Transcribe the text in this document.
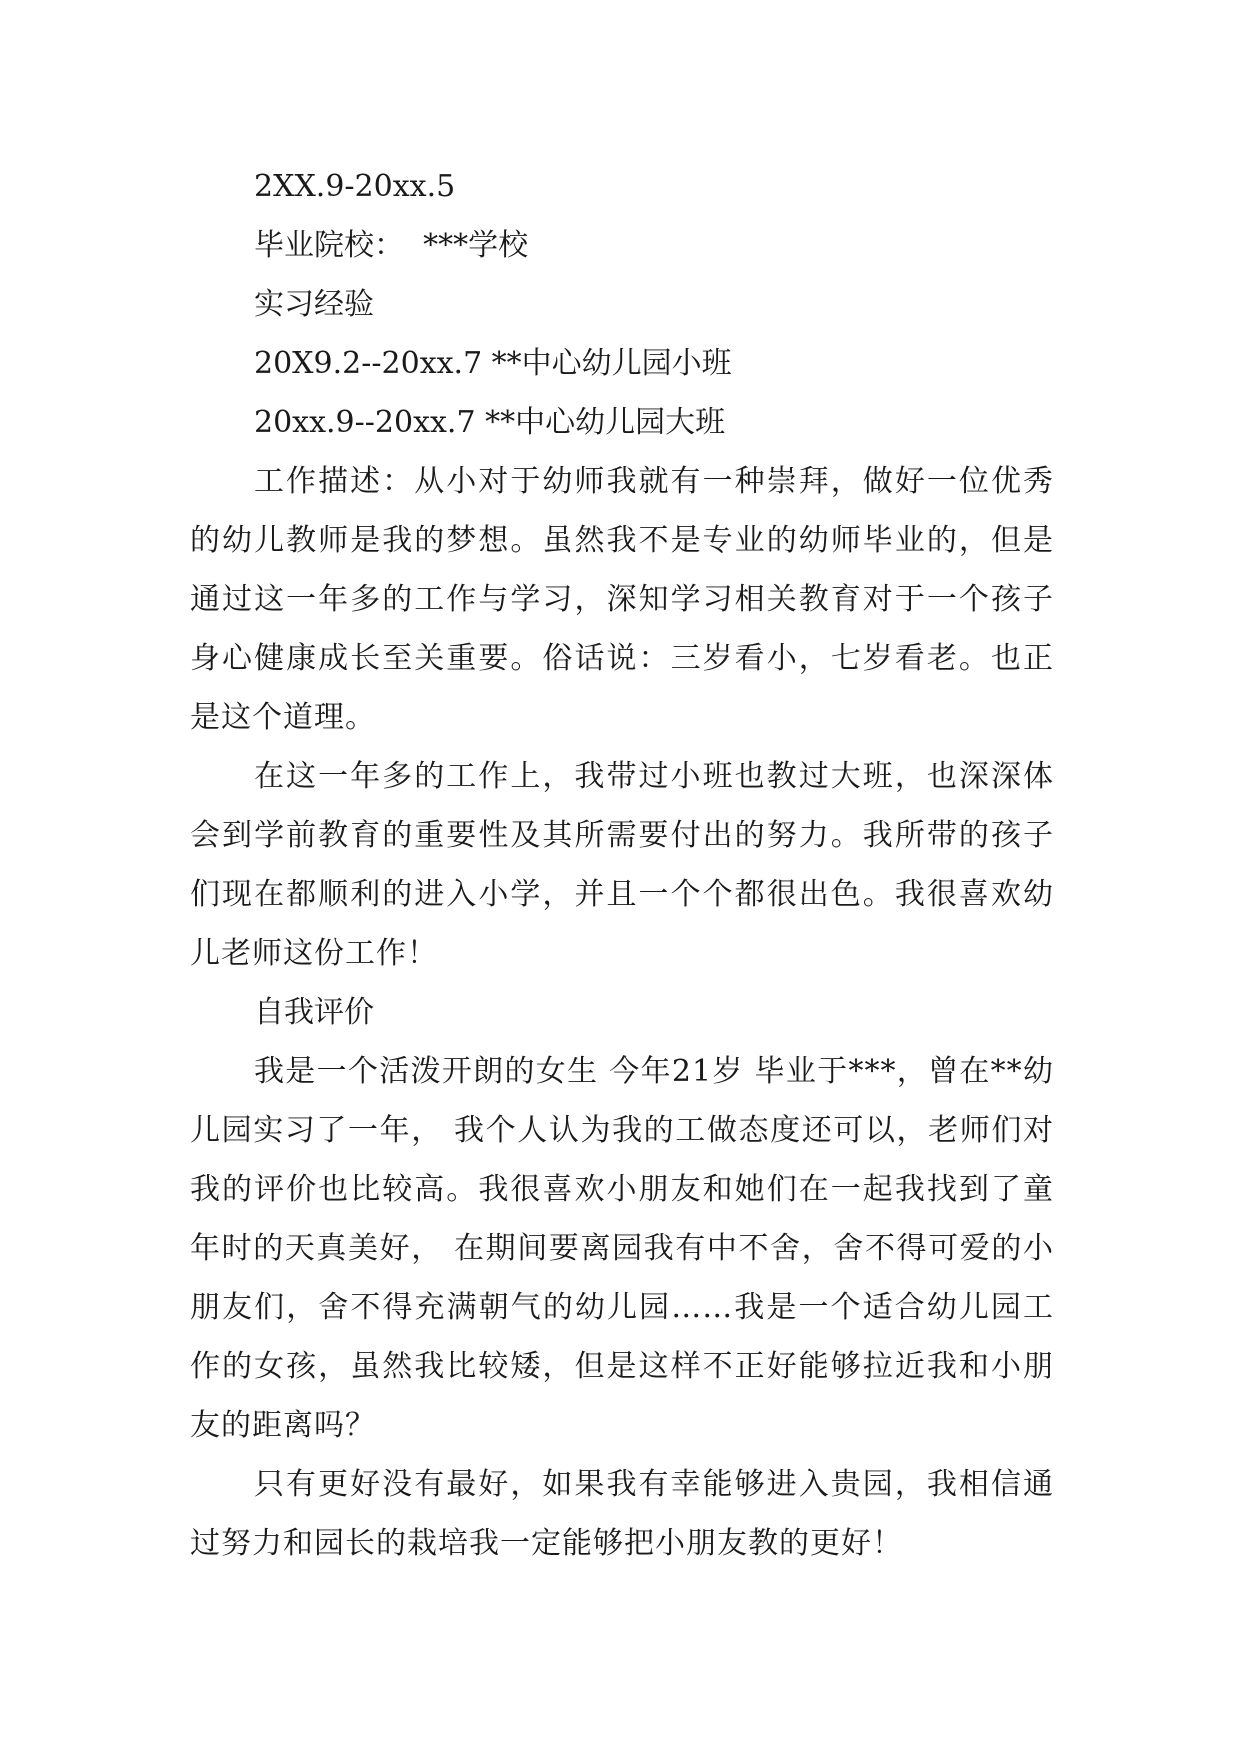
2XX.9-20xx.5
毕业院校：  ***学校
实习经验
20X9.2--20xx.7 **中心幼儿园小班
20xx.9--20xx.7 **中心幼儿园大班
工作描述：从小对于幼师我就有一种崇拜，做好一位优秀的幼儿教师是我的梦想。虽然我不是专业的幼师毕业的，但是通过这一年多的工作与学习，深知学习相关教育对于一个孩子身心健康成长至关重要。俗话说：三岁看小，七岁看老。也正是这个道理。
在这一年多的工作上，我带过小班也教过大班，也深深体会到学前教育的重要性及其所需要付出的努力。我所带的孩子们现在都顺利的进入小学，并且一个个都很出色。我很喜欢幼儿老师这份工作！
自我评价
我是一个活泼开朗的女生 今年21岁 毕业于***，曾在**幼儿园实习了一年， 我个人认为我的工做态度还可以，老师们对我的评价也比较高。我很喜欢小朋友和她们在一起我找到了童年时的天真美好， 在期间要离园我有中不舍，舍不得可爱的小朋友们，舍不得充满朝气的幼儿园……我是一个适合幼儿园工作的女孩，虽然我比较矮，但是这样不正好能够拉近我和小朋友的距离吗？
只有更好没有最好，如果我有幸能够进入贵园，我相信通过努力和园长的栽培我一定能够把小朋友教的更好！
